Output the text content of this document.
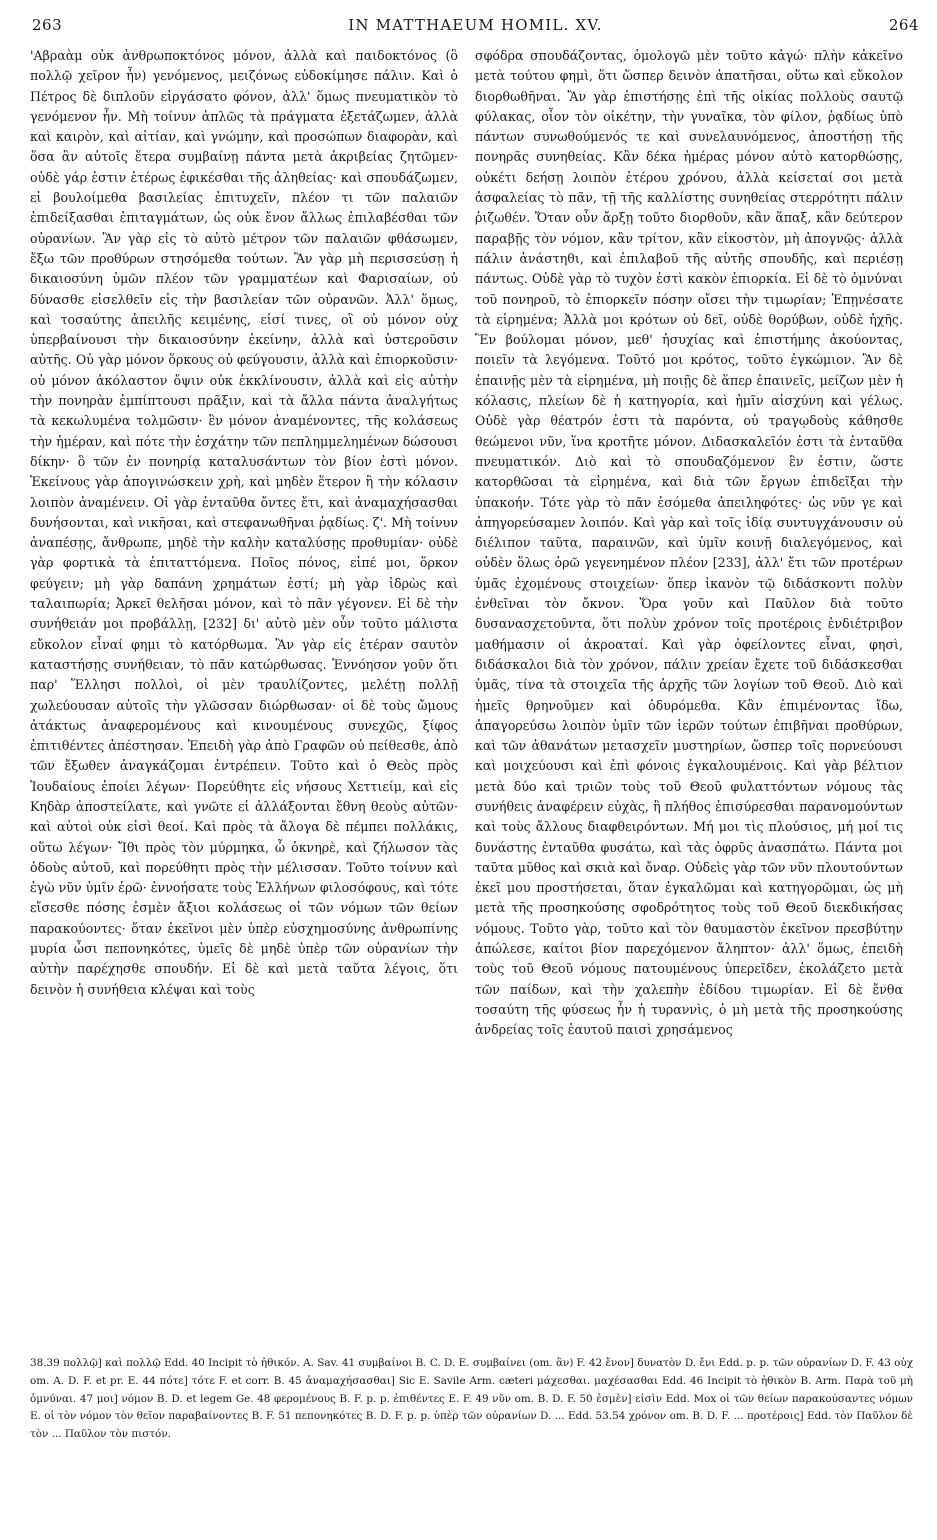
263	IN MATTHAEUM HOMIL. XV.	264

'Αβραὰμ οὐκ ἀνθρωποκτόνος μόνον, ἀλλὰ καὶ παιδοκτόνος (ὃ πολλῷ χεῖρον ἦν) γενόμενος, μειζόνως εὐδοκίμησε πάλιν. Καὶ ὁ Πέτρος δὲ διπλοῦν εἰργάσατο φόνον, ἀλλ' ὅμως πνευματικὸν τὸ γενόμενον ἦν. Μὴ τοίνυν ἁπλῶς τὰ πράγματα ἐξετάζωμεν, ἀλλὰ καὶ καιρὸν, καὶ αἰτίαν, καὶ γνώμην, καὶ προσώπων διαφορὰν, καὶ ὅσα ἂν αὐτοῖς ἕτερα συμβαίνῃ πάντα μετὰ ἀκριβείας ζητῶμεν· οὐδὲ γάρ ἐστιν ἑτέρως ἐφικέσθαι τῆς ἀληθείας· καὶ σπουδάζωμεν, εἰ βουλοίμεθα βασιλείας ἐπιτυχεῖν, πλέον τι τῶν παλαιῶν ἐπιδείξασθαι ἐπιταγμάτων, ὡς οὐκ ἔνον ἄλλως ἐπιλαβέσθαι τῶν οὐρανίων. Ἂν γὰρ εἰς τὸ αὐτὸ μέτρον τῶν παλαιῶν φθάσωμεν, ἔξω τῶν προθύρων στησόμεθα τούτων. Ἂν γὰρ μὴ περισσεύσῃ ἡ δικαιοσύνη ὑμῶν πλέον τῶν γραμματέων καὶ Φαρισαίων, οὐ δύνασθε εἰσελθεῖν εἰς τὴν βασιλείαν τῶν οὐρανῶν. Ἀλλ' ὅμως, καὶ τοσαύτης ἀπειλῆς κειμένης, εἰσί τινες, οἳ οὐ μόνον οὐχ ὑπερβαίνουσι τὴν δικαιοσύνην ἐκείνην, ἀλλὰ καὶ ὑστεροῦσιν αὐτῆς. Οὐ γὰρ μόνον ὅρκους οὐ φεύγουσιν, ἀλλὰ καὶ ἐπιορκοῦσιν· οὐ μόνον ἀκόλαστον ὄψιν οὐκ ἐκκλίνουσιν, ἀλλὰ καὶ εἰς αὐτὴν τὴν πονηρὰν ἐμπίπτουσι πρᾶξιν, καὶ τὰ ἄλλα πάντα ἀναλγήτως τὰ κεκωλυμένα τολμῶσιν· ἓν μόνον ἀναμένοντες, τῆς κολάσεως τὴν ἡμέραν, καὶ πότε τὴν ἐσχάτην τῶν πεπλημμελημένων δώσουσι δίκην· ὃ τῶν ἐν πονηρίᾳ καταλυσάντων τὸν βίον ἐστὶ μόνον. Ἐκείνους γὰρ ἀπογινώσκειν χρὴ, καὶ μηδὲν ἕτερον ἢ τὴν κόλασιν λοιπὸν ἀναμένειν. Οἱ γὰρ ἐνταῦθα ὄντες ἔτι, καὶ ἀναμαχήσασθαι δυνήσονται, καὶ νικῆσαι, καὶ στεφανωθῆναι ῥᾳδίως. ζ'. Μὴ τοίνυν ἀναπέσῃς, ἄνθρωπε, μηδὲ τὴν καλὴν καταλύσῃς προθυμίαν· οὐδὲ γὰρ φορτικὰ τὰ ἐπιταττόμενα. Ποῖος πόνος, εἰπέ μοι, ὅρκον φεύγειν; μὴ γὰρ δαπάνη χρημάτων ἐστί; μὴ γὰρ ἱδρὼς καὶ ταλαιπωρία; Ἀρκεῖ θελῆσαι μόνον, καὶ τὸ πᾶν γέγονεν. Εἰ δὲ τὴν συνήθειάν μοι προβάλλῃ, [232] δι' αὐτὸ μὲν οὖν τοῦτο μάλιστα εὔκολον εἶναί φημι τὸ κατόρθωμα. Ἂν γὰρ εἰς ἑτέραν σαυτὸν καταστήσῃς συνήθειαν, τὸ πᾶν κατώρθωσας. Ἐννόησον γοῦν ὅτι παρ' Ἕλλησι πολλοὶ, οἱ μὲν τραυλίζοντες, μελέτῃ πολλῇ χωλεύουσαν αὐτοῖς τὴν γλῶσσαν διώρθωσαν· οἱ δὲ τοὺς ὤμους ἀτάκτως ἀναφερομένους καὶ κινουμένους συνεχῶς, ξίφος ἐπιτιθέντες ἀπέστησαν. Ἐπειδὴ γὰρ ἀπὸ Γραφῶν οὐ πείθεσθε, ἀπὸ τῶν ἔξωθεν ἀναγκάζομαι ἐντρέπειν. Τοῦτο καὶ ὁ Θεὸς πρὸς Ἰουδαίους ἐποίει λέγων· Πορεύθητε εἰς νήσους Χεττιείμ, καὶ εἰς Κηδὰρ ἀποστείλατε, καὶ γνῶτε εἰ ἀλλάξονται ἔθνη θεοὺς αὐτῶν· καὶ αὐτοὶ οὐκ εἰσὶ θεοί. Καὶ πρὸς τὰ ἄλογα δὲ πέμπει πολλάκις, οὕτω λέγων· Ἴθι πρὸς τὸν μύρμηκα, ὦ ὀκνηρὲ, καὶ ζήλωσον τὰς ὁδοὺς αὐτοῦ, καὶ πορεύθητι πρὸς τὴν μέλισσαν. Τοῦτο τοίνυν καὶ ἐγὼ νῦν ὑμῖν ἐρῶ· ἐννοήσατε τοὺς Ἑλλήνων φιλοσόφους, καὶ τότε εἴσεσθε πόσης ἐσμὲν ἄξιοι κολάσεως οἱ τῶν νόμων τῶν θείων παρακούοντες· ὅταν ἐκεῖνοι μὲν ὑπὲρ εὐσχημοσύνης ἀνθρωπίνης μυρία ὦσι πεπονηκότες, ὑμεῖς δὲ μηδὲ ὑπὲρ τῶν οὐρανίων τὴν αὐτὴν παρέχησθε σπουδήν. Εἰ δὲ καὶ μετὰ ταῦτα λέγοις, ὅτι δεινὸν ἡ συνήθεια κλέψαι καὶ τοὺς

σφόδρα σπουδάζοντας, ὁμολογῶ μὲν τοῦτο κἀγώ· πλὴν κἀκεῖνο μετὰ τούτου φημὶ, ὅτι ὥσπερ δεινὸν ἀπατῆσαι, οὕτω καὶ εὔκολον διορθωθῆναι. Ἂν γὰρ ἐπιστήσῃς ἐπὶ τῆς οἰκίας πολλοὺς σαυτῷ φύλακας, οἷον τὸν οἰκέτην, τὴν γυναῖκα, τὸν φίλον, ῥᾳδίως ὑπὸ πάντων συνωθούμενός τε καὶ συνελαυνόμενος, ἀποστήσῃ τῆς πονηρᾶς συνηθείας. Κἂν δέκα ἡμέρας μόνον αὐτὸ κατορθώσῃς, οὐκέτι δεήσῃ λοιπὸν ἑτέρου χρόνου, ἀλλὰ κείσεταί σοι μετὰ ἀσφαλείας τὸ πᾶν, τῇ τῆς καλλίστης συνηθείας στερρότητι πάλιν ῥιζωθέν. Ὅταν οὖν ἄρξῃ τοῦτο διορθοῦν, κἂν ἅπαξ, κἂν δεύτερον παραβῇς τὸν νόμον, κἂν τρίτον, κἂν εἰκοστὸν, μὴ ἀπογνῷς· ἀλλὰ πάλιν ἀνάστηθι, καὶ ἐπιλαβοῦ τῆς αὐτῆς σπουδῆς, καὶ περιέσῃ πάντως. Οὐδὲ γὰρ τὸ τυχὸν ἐστὶ κακὸν ἐπιορκία. Εἰ δὲ τὸ ὀμνύναι τοῦ πονηροῦ, τὸ ἐπιορκεῖν πόσην οἴσει τὴν τιμωρίαν; Ἐπῃνέσατε τὰ εἰρημένα; Ἀλλὰ μοι κρότων οὐ δεῖ, οὐδὲ θορύβων, οὐδὲ ἠχῆς. Ἓν βούλομαι μόνον, μεθ' ἡσυχίας καὶ ἐπιστήμης ἀκούοντας, ποιεῖν τὰ λεγόμενα. Τοῦτό μοι κρότος, τοῦτο ἐγκώμιον. Ἂν δὲ ἐπαινῇς μὲν τὰ εἰρημένα, μὴ ποιῇς δὲ ἅπερ ἐπαινεῖς, μείζων μὲν ἡ κόλασις, πλείων δὲ ἡ κατηγορία, καὶ ἡμῖν αἰσχύνη καὶ γέλως. Οὐδὲ γὰρ θέατρόν ἐστι τὰ παρόντα, οὐ τραγῳδοὺς κάθησθε θεώμενοι νῦν, ἵνα κροτῆτε μόνον. Διδασκαλεῖόν ἐστι τὰ ἐνταῦθα πνευματικόν. Διὸ καὶ τὸ σπουδαζόμενον ἓν ἐστιν, ὥστε κατορθῶσαι τὰ εἰρημένα, καὶ διὰ τῶν ἔργων ἐπιδεῖξαι τὴν ὑπακοήν. Τότε γὰρ τὸ πᾶν ἐσόμεθα ἀπειληφότες· ὡς νῦν γε καὶ ἀπηγορεύσαμεν λοιπόν. Καὶ γὰρ καὶ τοῖς ἰδίᾳ συντυγχάνουσιν οὐ διέλιπον ταῦτα, παραινῶν, καὶ ὑμῖν κοινῇ διαλεγόμενος, καὶ οὐδὲν ὅλως ὁρῶ γεγενημένον πλέον [233], ἀλλ' ἔτι τῶν προτέρων ὑμᾶς ἐχομένους στοιχείων· ὅπερ ἱκανὸν τῷ διδάσκοντι πολὺν ἐνθεῖναι τὸν ὄκνον. Ὅρα γοῦν καὶ Παῦλον διὰ τοῦτο δυσανασχετοῦντα, ὅτι πολὺν χρόνον τοῖς προτέροις ἐνδιέτριβον μαθήμασιν οἱ ἀκροαταί. Καὶ γὰρ ὀφείλοντες εἶναι, φησὶ, διδάσκαλοι διὰ τὸν χρόνον, πάλιν χρείαν ἔχετε τοῦ διδάσκεσθαι ὑμᾶς, τίνα τὰ στοιχεῖα τῆς ἀρχῆς τῶν λογίων τοῦ Θεοῦ. Διὸ καὶ ἡμεῖς θρηνοῦμεν καὶ ὀδυρόμεθα. Κἂν ἐπιμένοντας ἴδω, ἀπαγορεύσω λοιπὸν ὑμῖν τῶν ἱερῶν τούτων ἐπιβῆναι προθύρων, καὶ τῶν ἀθανάτων μετασχεῖν μυστηρίων, ὥσπερ τοῖς πορνεύουσι καὶ μοιχεύουσι καὶ ἐπὶ φόνοις ἐγκαλουμένοις. Καὶ γὰρ βέλτιον μετὰ δύο καὶ τριῶν τοὺς τοῦ Θεοῦ φυλαττόντων νόμους τὰς συνήθεις ἀναφέρειν εὐχὰς, ἢ πλήθος ἐπισύρεσθαι παρανομούντων καὶ τοὺς ἄλλους διαφθειρόντων. Μή μοι τὶς πλούσιος, μή μοί τις δυνάστης ἐνταῦθα φυσάτω, καὶ τὰς ὀφρῦς ἀνασπάτω. Πάντα μοι ταῦτα μῦθος καὶ σκιὰ καὶ ὄναρ. Οὐδεὶς γὰρ τῶν νῦν πλουτούντων ἐκεῖ μου προστήσεται, ὅταν ἐγκαλῶμαι καὶ κατηγορῶμαι, ὡς μὴ μετὰ τῆς προσηκούσης σφοδρότητος τοὺς τοῦ Θεοῦ διεκδικήσας νόμους. Τοῦτο γὰρ, τοῦτο καὶ τὸν θαυμαστὸν ἐκεῖνον πρεσβύτην ἀπώλεσε, καίτοι βίον παρεχόμενον ἄληπτον· ἀλλ' ὅμως, ἐπειδὴ τοὺς τοῦ Θεοῦ νόμους πατουμένους ὑπερεῖδεν, ἐκολάζετο μετὰ τῶν παίδων, καὶ τὴν χαλεπὴν ἐδίδου τιμωρίαν. Εἰ δὲ ἔνθα τοσαύτη τῆς φύσεως ἦν ἡ τυραννὶς, ὁ μὴ μετὰ τῆς προσηκούσης ἀνδρείας τοῖς ἑαυτοῦ παισὶ χρησάμενος

38.39 πολλῷ] καὶ πολλῷ Edd. 40 Incipit τὸ ἠθικόν. A. Sav. 41 συμβαίνοι B. C. D. E. συμβαίνει (om. ἂν) F. 42 ἔνον] δυνατὸν D. ἔνι Edd. p. p. τῶν οὐρανίων D. F. 43 οὐχ om. A. D. F. et pr. E. 44 πότε] τότε F. et corr. B. 45 ἀναμαχήσασθαι] Sic E. Savile Arm. cæteri μάχεσθαι. μαχέσασθαι Edd. 46 Incipit τὸ ἠθικὸν B. Arm. Παρὰ τοῦ μὴ ὀμνύναι. 47 μοι] νόμον B. D. et legem Ge. 48 φερομένους B. F. p. p. ἐπιθέντες E. F. 49 νῦν om. B. D. F. 50 ἐσμὲν] εἰσὶν Edd. Mox οἱ τῶν θείων παρακούσαντες νόμων E. οἱ τὸν νόμον τὸν θεῖον παραβαίνοντες B. F. 51 πεπονηκότες B. D. F. p. p. ὑπὲρ τῶν οὐρανίων D. ... Edd. 53.54 χρόνον om. B. D. F. ... προτέροις] Edd. τὸν Παῦλον δὲ τὸν ... Παῦλον τὸν πιστόν.
